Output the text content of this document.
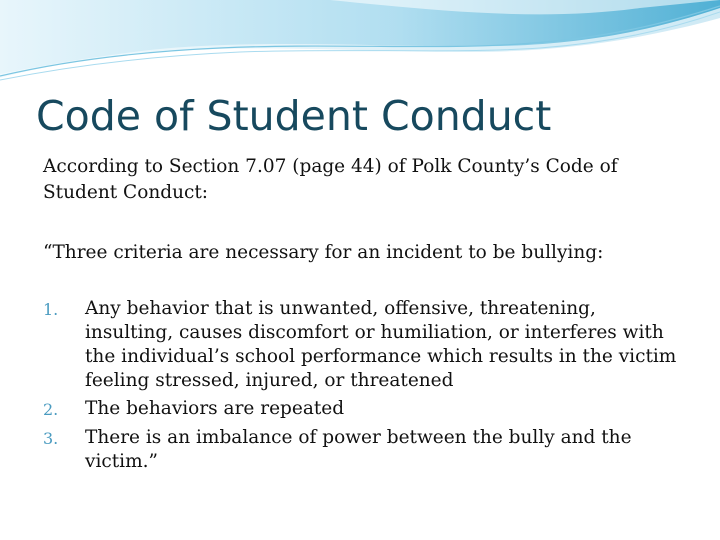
Code of Student Conduct
According to Section 7.07 (page 44) of Polk County’s Code of Student Conduct:
“Three criteria are necessary for an incident to be bullying:
1.	Any behavior that is unwanted, offensive, threatening, insulting, causes discomfort or humiliation, or interferes with the individual’s school performance which results in the victim feeling stressed, injured, or threatened
2.	The behaviors are repeated
3.	There is an imbalance of power between the bully and the victim.”
